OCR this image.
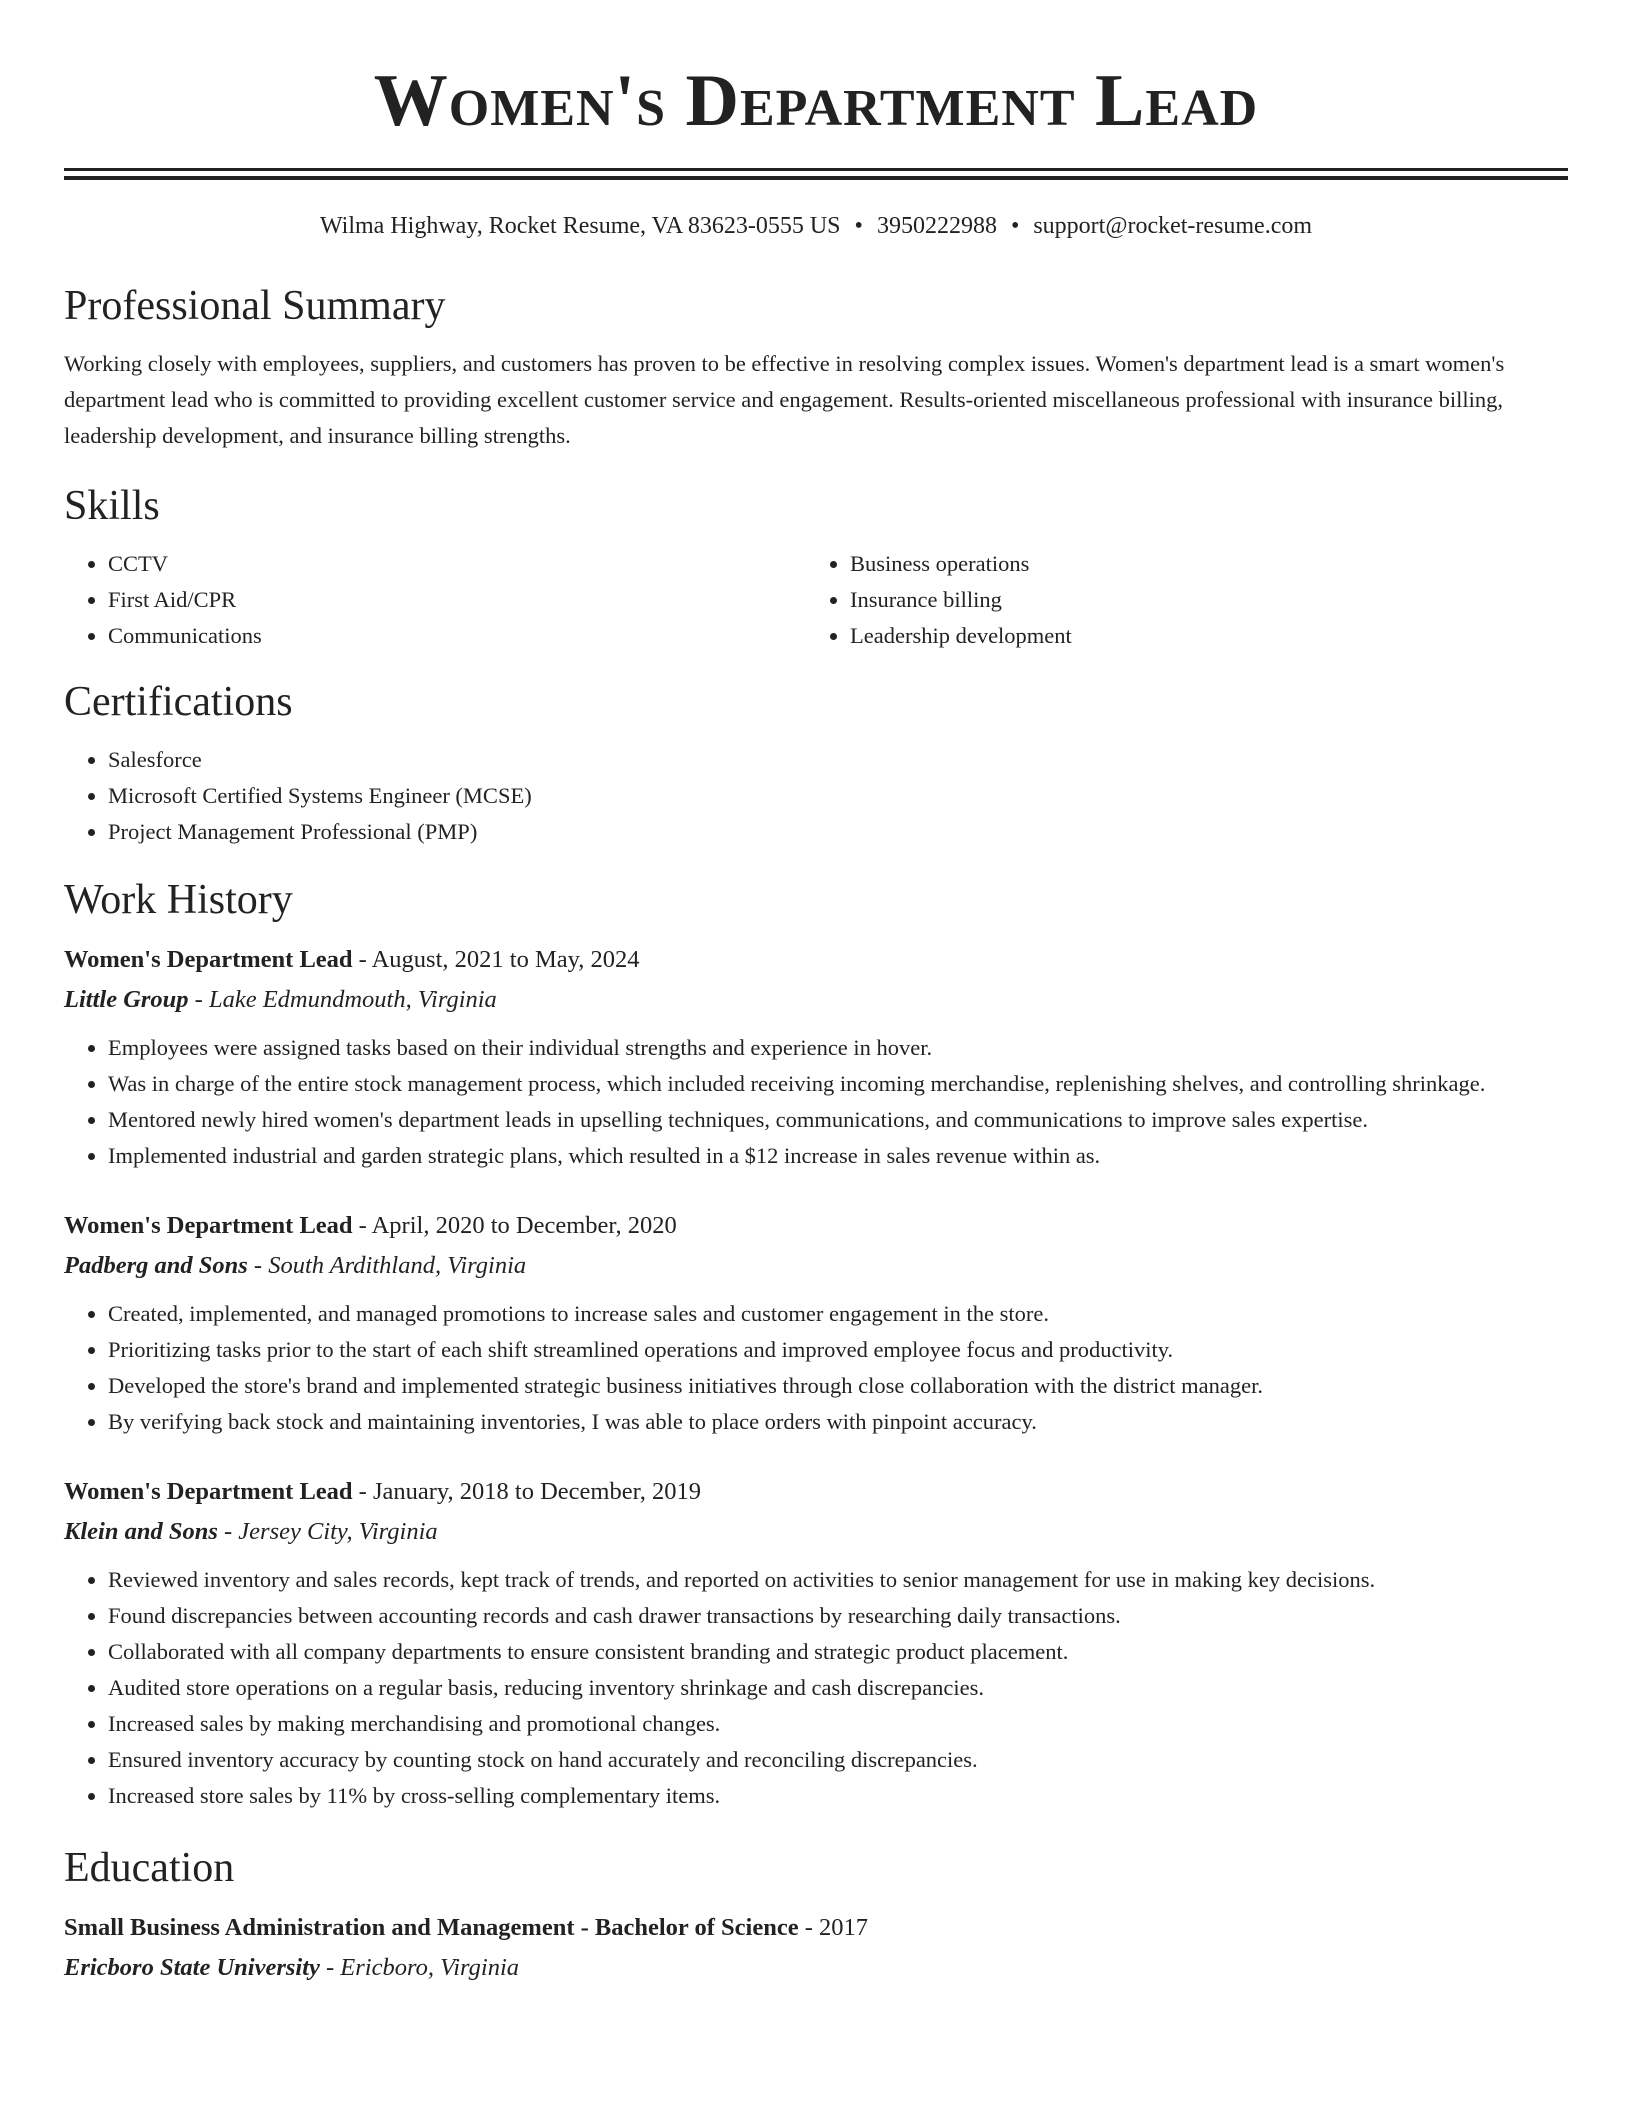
Women's Department Lead
Wilma Highway, Rocket Resume, VA 83623-0555 US • 3950222988 • support@rocket-resume.com
Professional Summary
Working closely with employees, suppliers, and customers has proven to be effective in resolving complex issues. Women's department lead is a smart women's department lead who is committed to providing excellent customer service and engagement. Results-oriented miscellaneous professional with insurance billing, leadership development, and insurance billing strengths.
Skills
• CCTV
• First Aid/CPR
• Communications
• Business operations
• Insurance billing
• Leadership development
Certifications
• Salesforce
• Microsoft Certified Systems Engineer (MCSE)
• Project Management Professional (PMP)
Work History
Women's Department Lead - August, 2021 to May, 2024
Little Group - Lake Edmundmouth, Virginia
• Employees were assigned tasks based on their individual strengths and experience in hover.
• Was in charge of the entire stock management process, which included receiving incoming merchandise, replenishing shelves, and controlling shrinkage.
• Mentored newly hired women's department leads in upselling techniques, communications, and communications to improve sales expertise.
• Implemented industrial and garden strategic plans, which resulted in a $12 increase in sales revenue within as.
Women's Department Lead - April, 2020 to December, 2020
Padberg and Sons - South Ardithland, Virginia
• Created, implemented, and managed promotions to increase sales and customer engagement in the store.
• Prioritizing tasks prior to the start of each shift streamlined operations and improved employee focus and productivity.
• Developed the store's brand and implemented strategic business initiatives through close collaboration with the district manager.
• By verifying back stock and maintaining inventories, I was able to place orders with pinpoint accuracy.
Women's Department Lead - January, 2018 to December, 2019
Klein and Sons - Jersey City, Virginia
• Reviewed inventory and sales records, kept track of trends, and reported on activities to senior management for use in making key decisions.
• Found discrepancies between accounting records and cash drawer transactions by researching daily transactions.
• Collaborated with all company departments to ensure consistent branding and strategic product placement.
• Audited store operations on a regular basis, reducing inventory shrinkage and cash discrepancies.
• Increased sales by making merchandising and promotional changes.
• Ensured inventory accuracy by counting stock on hand accurately and reconciling discrepancies.
• Increased store sales by 11% by cross-selling complementary items.
Education
Small Business Administration and Management - Bachelor of Science - 2017
Ericboro State University - Ericboro, Virginia
